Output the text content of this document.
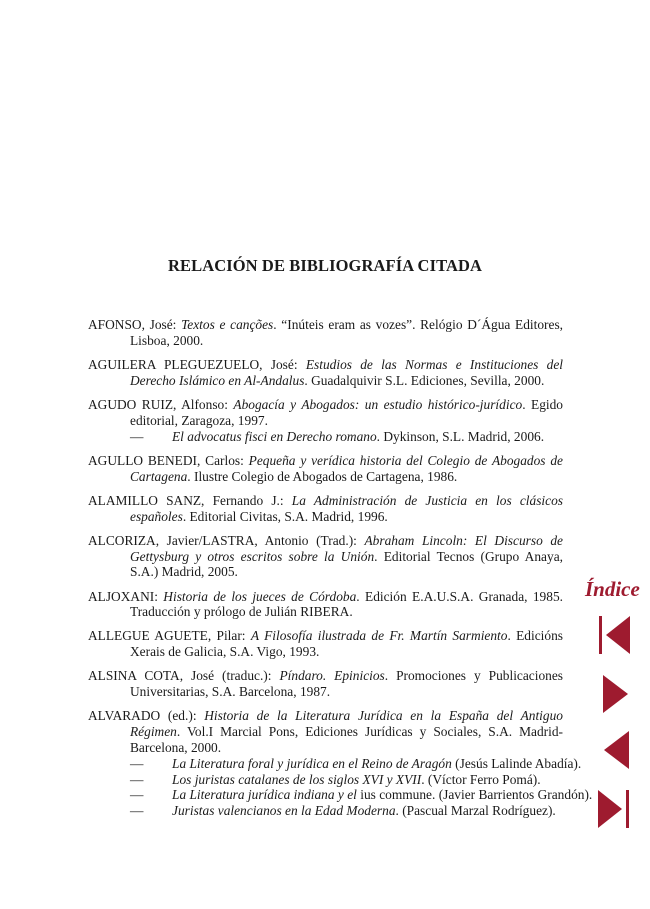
RELACIÓN DE BIBLIOGRAFÍA CITADA
AFONSO, José: Textos e canções. “Inúteis eram as vozes”. Relógio D´Água Editores, Lisboa, 2000.
AGUILERA PLEGUEZUELO, José: Estudios de las Normas e Instituciones del Derecho Islámico en Al-Andalus. Guadalquivir S.L. Ediciones, Sevilla, 2000.
AGUDO RUIZ, Alfonso: Abogacía y Abogados: un estudio histórico-jurídico. Egido editorial, Zaragoza, 1997.
— El advocatus fisci en Derecho romano. Dykinson, S.L. Madrid, 2006.
AGULLO BENEDI, Carlos: Pequeña y verídica historia del Colegio de Abogados de Cartagena. Ilustre Colegio de Abogados de Cartagena, 1986.
ALAMILLO SANZ, Fernando J.: La Administración de Justicia en los clásicos españoles. Editorial Civitas, S.A. Madrid, 1996.
ALCORIZA, Javier/LASTRA, Antonio (Trad.): Abraham Lincoln: El Discurso de Gettysburg y otros escritos sobre la Unión. Editorial Tecnos (Grupo Anaya, S.A.) Madrid, 2005.
ALJOXANI: Historia de los jueces de Córdoba. Edición E.A.U.S.A. Granada, 1985. Traducción y prólogo de Julián RIBERA.
ALLEGUE AGUETE, Pilar: A Filosofía ilustrada de Fr. Martín Sarmiento. Edicións Xerais de Galicia, S.A. Vigo, 1993.
ALSINA COTA, José (traduc.): Píndaro. Epinicios. Promociones y Publicaciones Universitarias, S.A. Barcelona, 1987.
ALVARADO (ed.): Historia de la Literatura Jurídica en la España del Antiguo Régimen. Vol.I Marcial Pons, Ediciones Jurídicas y Sociales, S.A. Madrid-Barcelona, 2000.
— La Literatura foral y jurídica en el Reino de Aragón (Jesús Lalinde Abadía).
— Los juristas catalanes de los siglos XVI y XVII. (Víctor Ferro Pomá).
— La Literatura jurídica indiana y el ius commune. (Javier Barrientos Grandón).
— Juristas valencianos en la Edad Moderna. (Pascual Marzal Rodríguez).
Índice
